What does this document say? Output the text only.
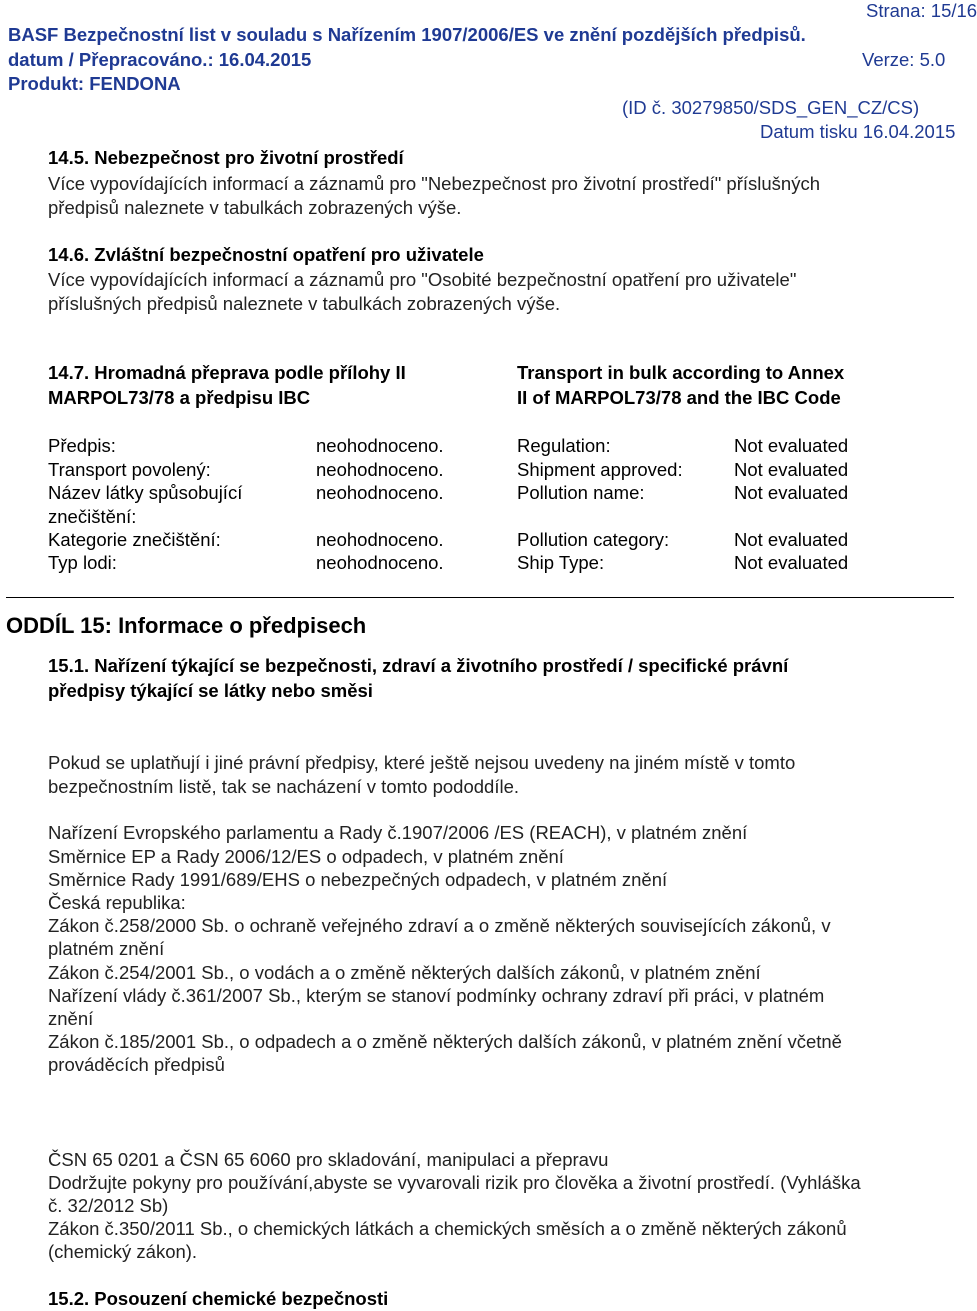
Strana: 15/16
BASF Bezpečnostní list v souladu s Nařízením 1907/2006/ES ve znění pozdějších předpisů.
datum / Přepracováno.: 16.04.2015	Verze: 5.0
Produkt: FENDONA
(ID č. 30279850/SDS_GEN_CZ/CS)
Datum tisku 16.04.2015
14.5. Nebezpečnost pro životní prostředí
Více vypovídajících informací a záznamů pro "Nebezpečnost pro životní prostředí" příslušných
předpisů naleznete v tabulkách zobrazených výše.
14.6. Zvláštní bezpečnostní opatření pro uživatele
Více vypovídajících informací a záznamů pro "Osobité bezpečnostní opatření pro uživatele"
příslušných předpisů naleznete v tabulkách zobrazených výše.
14.7. Hromadná přeprava podle přílohy II
MARPOL73/78 a předpisu IBC
Transport in bulk according to Annex
II of MARPOL73/78 and the IBC Code
Předpis:	neohodnoceno.	Regulation:	Not evaluated
Transport povolený:	neohodnoceno.	Shipment approved:	Not evaluated
Název látky spůsobující
znečištění:
neohodnoceno.	Pollution name:	Not evaluated
Kategorie znečištění:	neohodnoceno.	Pollution category:	Not evaluated
Typ lodi:	neohodnoceno.	Ship Type:	Not evaluated
ODDÍL 15: Informace o předpisech
15.1. Nařízení týkající se bezpečnosti, zdraví a životního prostředí / specifické právní
předpisy týkající se látky nebo směsi
Pokud se uplatňují i jiné právní předpisy, které ještě nejsou uvedeny na jiném místě v tomto
bezpečnostním listě, tak se nacházení v tomto pododdíle.
Nařízení Evropského parlamentu a Rady č.1907/2006 /ES (REACH), v platném znění
Směrnice EP a Rady 2006/12/ES o odpadech, v platném znění
Směrnice Rady 1991/689/EHS o nebezpečných odpadech, v platném znění
Česká republika:
Zákon č.258/2000 Sb. o ochraně veřejného zdraví a o změně některých souvisejících zákonů, v
platném znění
Zákon č.254/2001 Sb., o vodách a o změně některých dalších zákonů, v platném znění
Nařízení vlády č.361/2007 Sb., kterým se stanoví podmínky ochrany zdraví při práci, v platném
znění
Zákon č.185/2001 Sb., o odpadech a o změně některých dalších zákonů, v platném znění včetně
prováděcích předpisů
ČSN 65 0201 a ČSN 65 6060 pro skladování, manipulaci a přepravu
Dodržujte pokyny pro používání,abyste se vyvarovali rizik pro člověka a životní prostředí. (Vyhláška
č. 32/2012 Sb)
Zákon č.350/2011 Sb., o chemických látkách a chemických směsích a o změně některých zákonů
(chemický zákon).
15.2. Posouzení chemické bezpečnosti
